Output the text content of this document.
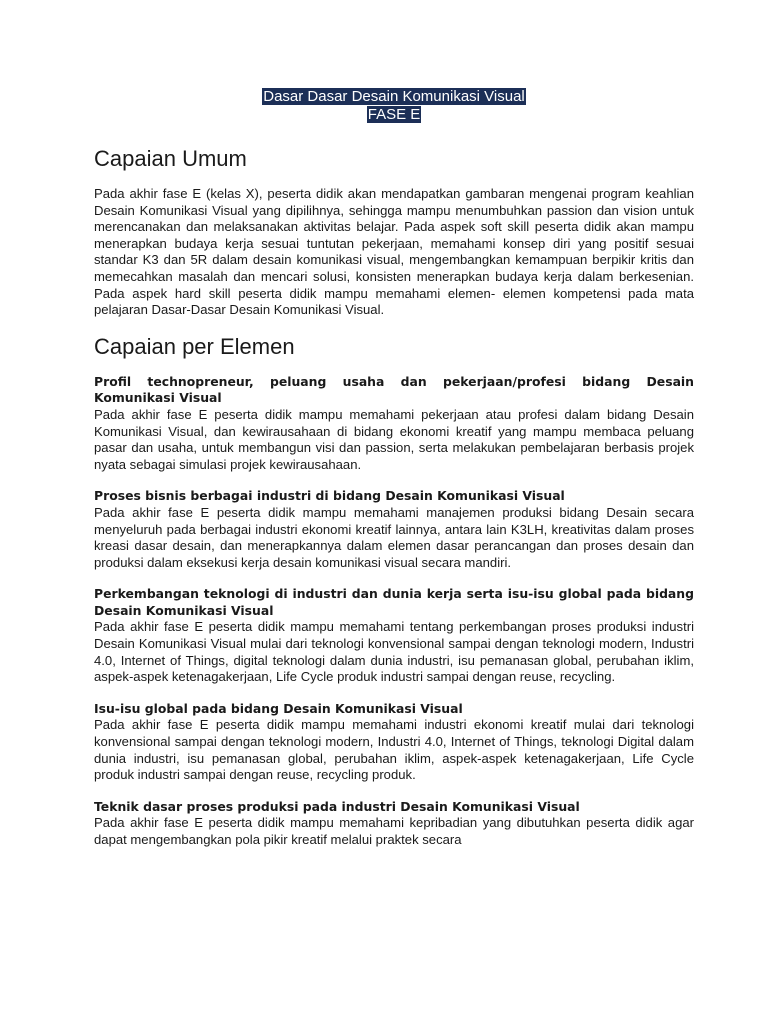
Dasar Dasar Desain Komunikasi Visual
FASE E
Capaian Umum

Pada akhir fase E (kelas X), peserta didik akan mendapatkan gambaran mengenai program keahlian Desain Komunikasi Visual yang dipilihnya, sehingga mampu menumbuhkan passion dan vision untuk merencanakan dan melaksanakan aktivitas belajar. Pada aspek soft skill peserta didik akan mampu menerapkan budaya kerja sesuai tuntutan pekerjaan, memahami konsep diri yang positif sesuai standar K3 dan 5R dalam desain komunikasi visual, mengembangkan kemampuan berpikir kritis dan memecahkan masalah dan mencari solusi, konsisten menerapkan budaya kerja dalam berkesenian. Pada aspek hard skill peserta didik mampu memahami elemen- elemen kompetensi pada mata pelajaran Dasar-Dasar Desain Komunikasi Visual.

Capaian per Elemen
Profil technopreneur, peluang usaha dan pekerjaan/profesi bidang Desain Komunikasi Visual

Pada akhir fase E peserta didik mampu memahami pekerjaan atau profesi dalam bidang Desain Komunikasi Visual, dan kewirausahaan di bidang ekonomi kreatif yang mampu membaca peluang pasar dan usaha, untuk membangun visi dan passion, serta melakukan pembelajaran berbasis projek nyata sebagai simulasi projek kewirausahaan.

Proses bisnis berbagai industri di bidang Desain Komunikasi Visual

Pada akhir fase E peserta didik mampu memahami manajemen produksi bidang Desain secara menyeluruh pada berbagai industri ekonomi kreatif lainnya, antara lain K3LH, kreativitas dalam proses kreasi dasar desain, dan menerapkannya dalam elemen dasar perancangan dan proses desain dan produksi dalam eksekusi kerja desain komunikasi visual secara mandiri.

Perkembangan teknologi di industri dan dunia kerja serta isu-isu global pada bidang Desain Komunikasi Visual

Pada akhir fase E peserta didik mampu memahami tentang perkembangan proses produksi industri Desain Komunikasi Visual mulai dari teknologi konvensional sampai dengan teknologi modern, Industri 4.0, Internet of Things, digital teknologi dalam dunia industri, isu pemanasan global, perubahan iklim, aspek-aspek ketenagakerjaan, Life Cycle produk industri sampai dengan reuse, recycling.

Isu-isu global pada bidang Desain Komunikasi Visual

Pada akhir fase E peserta didik mampu memahami industri ekonomi kreatif mulai dari teknologi konvensional sampai dengan teknologi modern, Industri 4.0, Internet of Things, teknologi Digital dalam dunia industri, isu pemanasan global, perubahan iklim, aspek-aspek ketenagakerjaan, Life Cycle produk industri sampai dengan reuse, recycling produk.

Teknik dasar proses produksi pada industri Desain Komunikasi Visual

Pada akhir fase E peserta didik mampu memahami kepribadian yang dibutuhkan peserta didik agar dapat mengembangkan pola pikir kreatif melalui praktek secara
